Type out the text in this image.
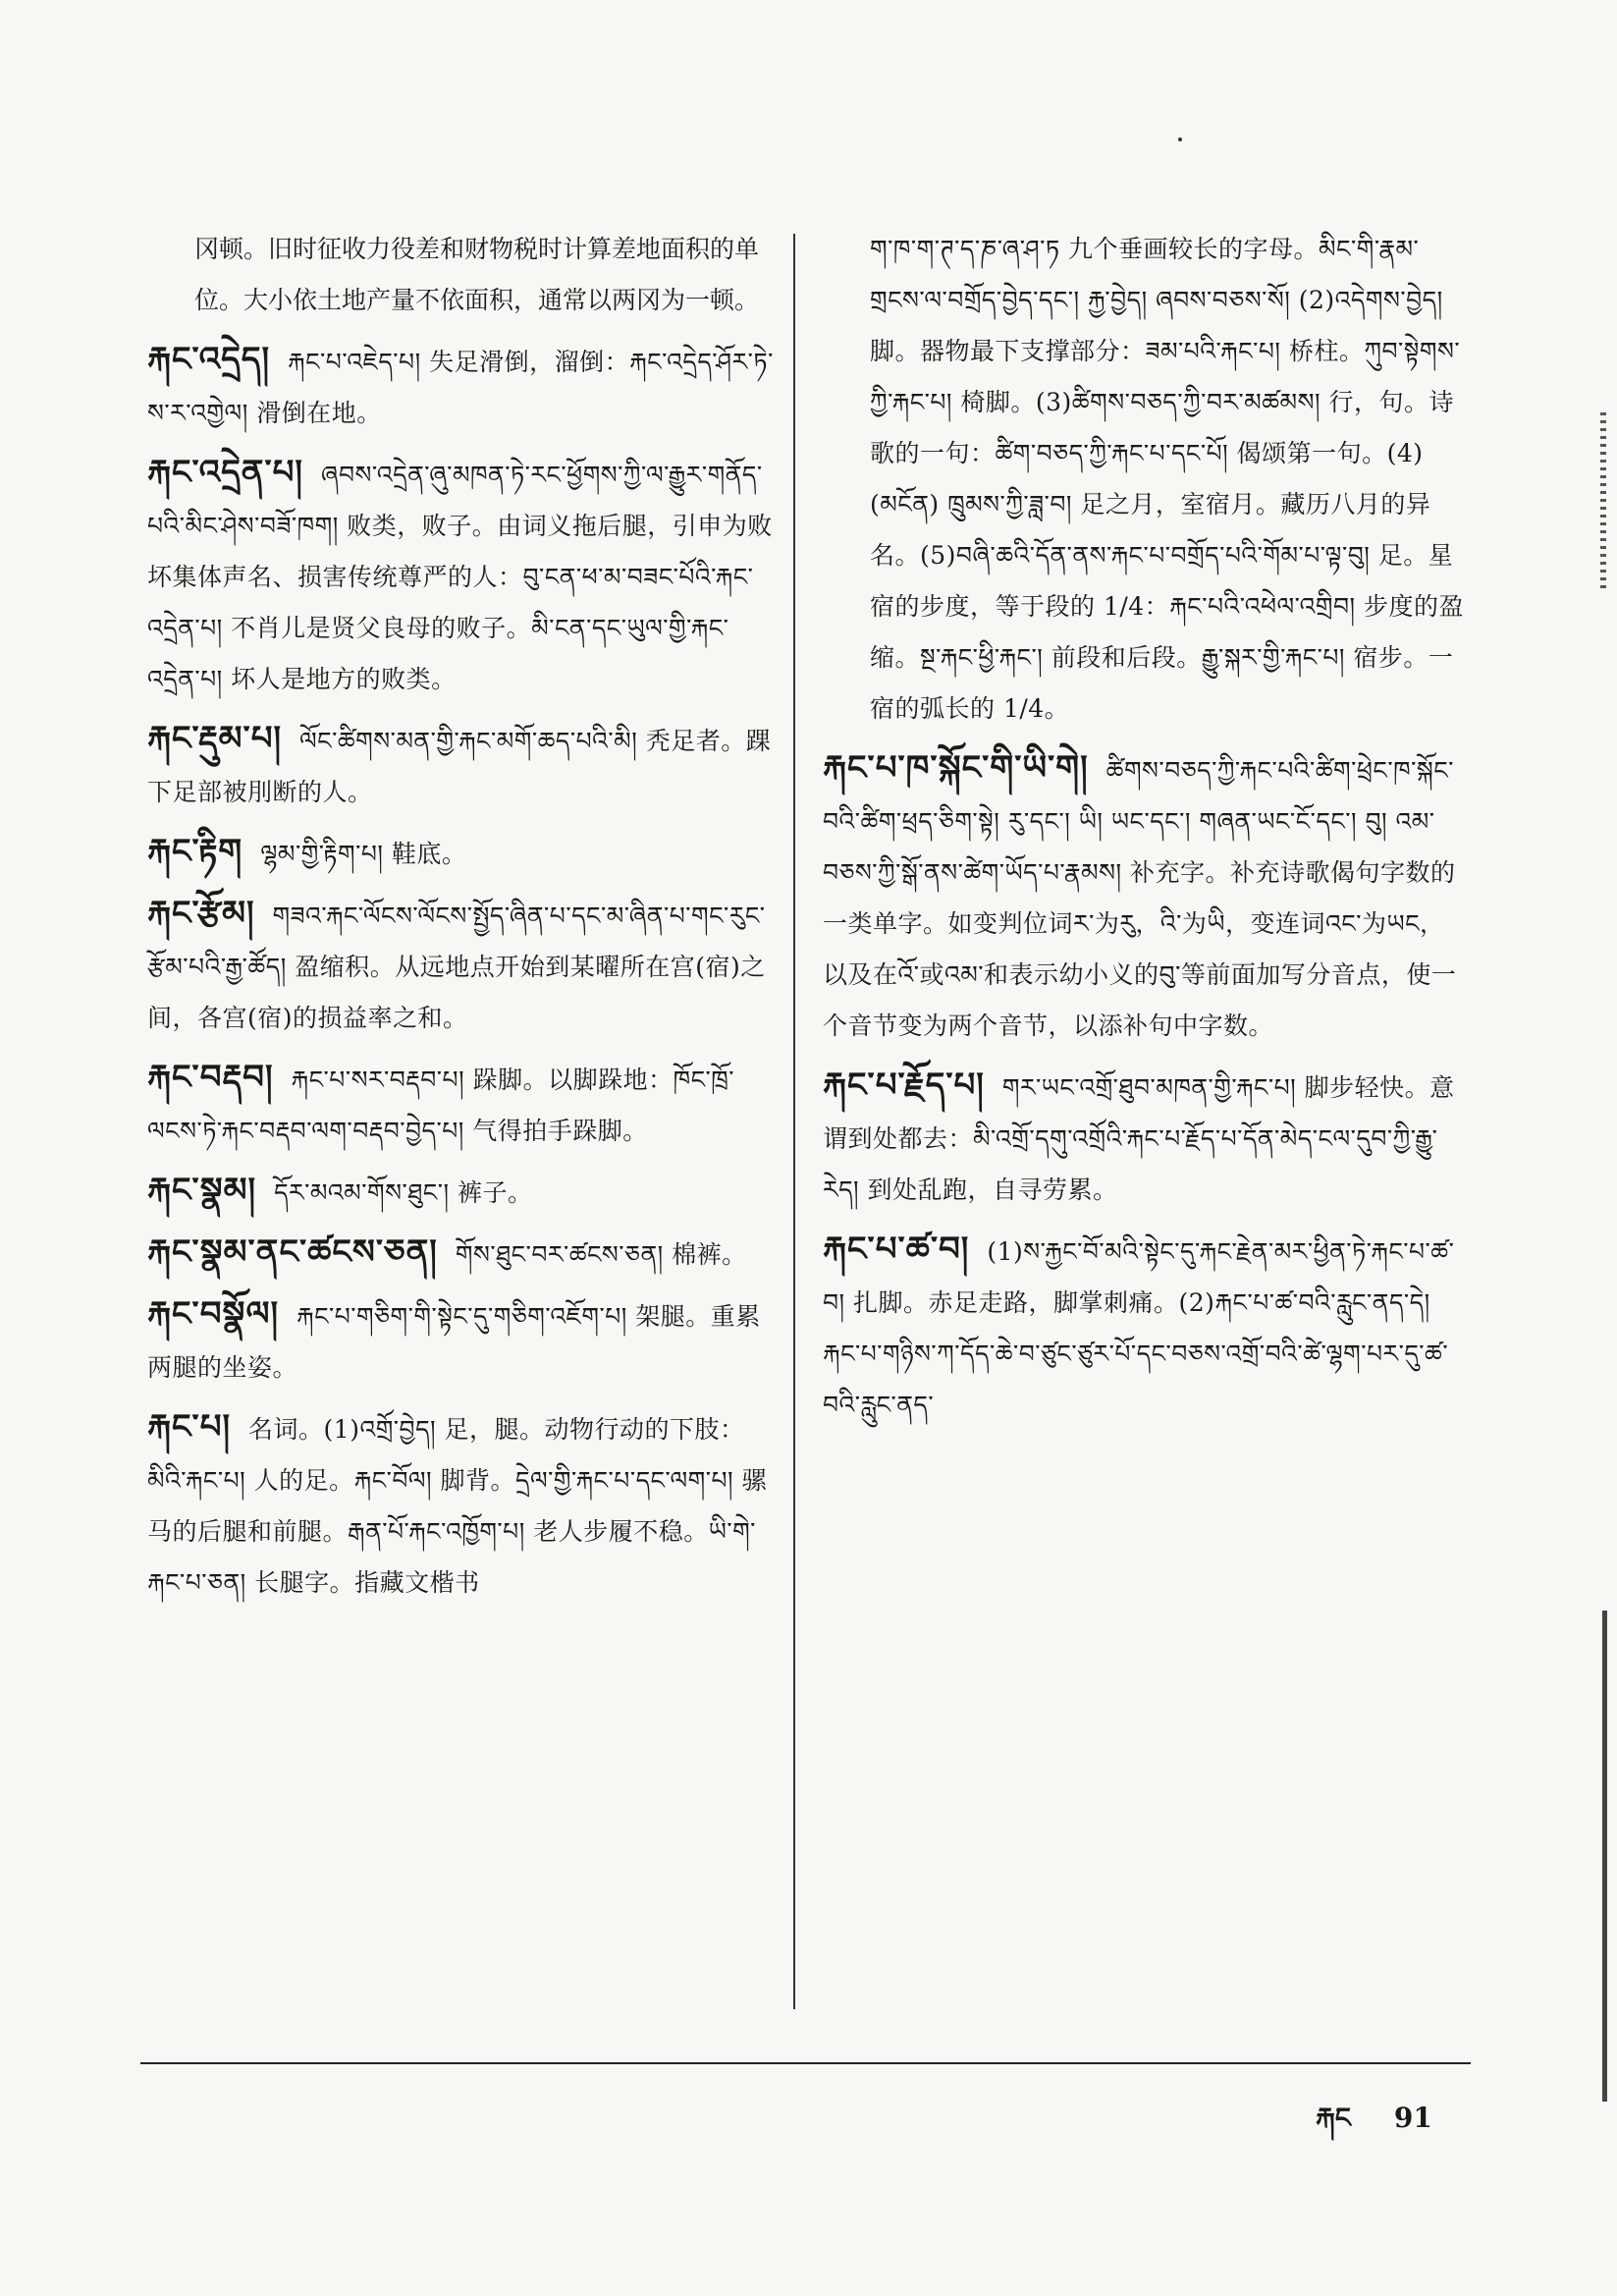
冈顿。旧时征收力役差和财物税时计算差地面积的单位。大小依土地产量不依面积，通常以两冈为一顿。

རྐང་འདྲེད། རྐང་པ་འཇེད་པ། 失足滑倒，溜倒：རྐང་འདྲེད་ཤོར་ཏེ་ས་ར་འགྱེལ། 滑倒在地。

རྐང་འདྲེན་པ། ཞབས་འདྲེན་ཞུ་མཁན་ཏེ་རང་ཕྱོགས་ཀྱི་ལ་རྒྱུར་གནོད་པའི་མིང་ཤེས་བཟོ་ཁག། 败类，败子。由词义拖后腿，引申为败坏集体声名、损害传统尊严的人：བུ་ངན་ཕ་མ་བཟང་པོའི་རྐང་འདྲེན་པ། 不肖儿是贤父良母的败子。མི་ངན་དང་ཡུལ་གྱི་རྐང་འདྲེན་པ། 坏人是地方的败类。

རྐང་རྡུམ་པ། ལོང་ཚིགས་མན་གྱི་རྐང་མགོ་ཆད་པའི་མི། 秃足者。踝下足部被刖断的人。

རྐང་རྟིག ལྷམ་གྱི་རྟིག་པ། 鞋底。

རྐང་རྩོམ། གཟའ་རྐང་ལོངས་ལོངས་སྤྱོད་ཞིན་པ་དང་མ་ཞིན་པ་གང་རུང་རྩོམ་པའི་རྒྱ་ཚོད། 盈缩积。从远地点开始到某曜所在宫(宿)之间，各宫(宿)的损益率之和。

རྐང་བརྡབ། རྐང་པ་སར་བརྡབ་པ། 跺脚。以脚跺地：ཁོང་ཁྲོ་ལངས་ཏེ་རྐང་བརྡབ་ལག་བརྡབ་བྱེད་པ། 气得拍手跺脚。

རྐང་སྣམ། དོར་མའམ་གོས་ཐུང་། 裤子。

རྐང་སྣམ་ནང་ཚངས་ཅན། གོས་ཐུང་བར་ཚངས་ཅན། 棉裤。

རྐང་བསྣོལ། རྐང་པ་གཅིག་གི་སྟེང་དུ་གཅིག་འཇོག་པ། 架腿。重累两腿的坐姿。

རྐང་པ། 名词。(1)འགྲོ་བྱེད། 足，腿。动物行动的下肢：མིའི་རྐང་པ། 人的足。རྐང་བོལ། 脚背。དྲེལ་གྱི་རྐང་པ་དང་ལག་པ། 骡马的后腿和前腿。རྒན་པོ་རྐང་འཁྱོག་པ། 老人步履不稳。ཡི་གེ་རྐང་པ་ཅན། 长腿字。指藏文楷书

ག་ཁ་ག་ཊ་ད་ཎ་ཞ་ཤ་ཏ 九个垂画较长的字母。མིང་གི་རྣམ་གྲངས་ལ་བགྲོད་བྱེད་དང་། རྐྱ་བྱེད། ཞབས་བཅས་སོ། (2)འདེགས་བྱེད། 脚。器物最下支撑部分：ཟམ་པའི་རྐང་པ། 桥柱。ཀུབ་སྟེགས་ཀྱི་རྐང་པ། 椅脚。(3)ཚིགས་བཅད་ཀྱི་བར་མཚམས། 行，句。诗歌的一句：ཚིག་བཅད་ཀྱི་རྐང་པ་དང་པོ། 偈颂第一句。(4)(མངོན) ཁྲུམས་ཀྱི་ཟླ་བ། 足之月，室宿月。藏历八月的异名。(5)བཞི་ཆའི་དོན་ནས་རྐང་པ་བགྲོད་པའི་གོམ་པ་ལྟ་བུ། 足。星宿的步度，等于段的 1/4：རྐང་པའི་འཕེལ་འགྲིབ། 步度的盈缩。སྔ་རྐང་ཕྱི་རྐང་། 前段和后段。རྒྱུ་སྐར་གྱི་རྐང་པ། 宿步。一宿的弧长的 1/4。

རྐང་པ་ཁ་སྐོང་གི་ཡི་གེ། ཚིགས་བཅད་ཀྱི་རྐང་པའི་ཚིག་ཕྲེང་ཁ་སྐོང་བའི་ཚིག་ཕྲད་ཅིག་སྟེ། རུ་དང་། ཡི། ཡང་དང་། གཞན་ཡང་ངོ་དང་། བུ། འམ་བཅས་ཀྱི་སྒོ་ནས་ཚེག་ཡོད་པ་རྣམས། 补充字。补充诗歌偈句字数的一类单字。如变判位词ར་为རུ，འི་为ཡི，变连词འང་为ཡང，以及在འོ་或འམ་和表示幼小义的བུ་等前面加写分音点，使一个音节变为两个音节，以添补句中字数。

རྐང་པ་རྗོད་པ། གར་ཡང་འགྲོ་ཐུབ་མཁན་གྱི་རྐང་པ། 脚步轻快。意谓到处都去：མི་འགྲོ་དགུ་འགྲོའི་རྐང་པ་རྗོད་པ་དོན་མེད་ངལ་དུབ་ཀྱི་རྒྱུ་རེད། 到处乱跑，自寻劳累。

རྐང་པ་ཚ་བ། (1)ས་རྐྱང་བོ་མའི་སྟེང་དུ་རྐང་རྗེན་མར་ཕྱིན་ཏེ་རྐང་པ་ཚ་བ། 扎脚。赤足走路，脚掌刺痛。(2)རྐང་པ་ཚ་བའི་རླུང་ནད་དེ། རྐང་པ་གཉིས་ཀ་དོད་ཆེ་བ་ཙུང་ཙུར་པོ་དང་བཅས་འགྲོ་བའི་ཚེ་ལྷག་པར་དུ་ཚ་བའི་རླུང་ནད་

རྐང 91
